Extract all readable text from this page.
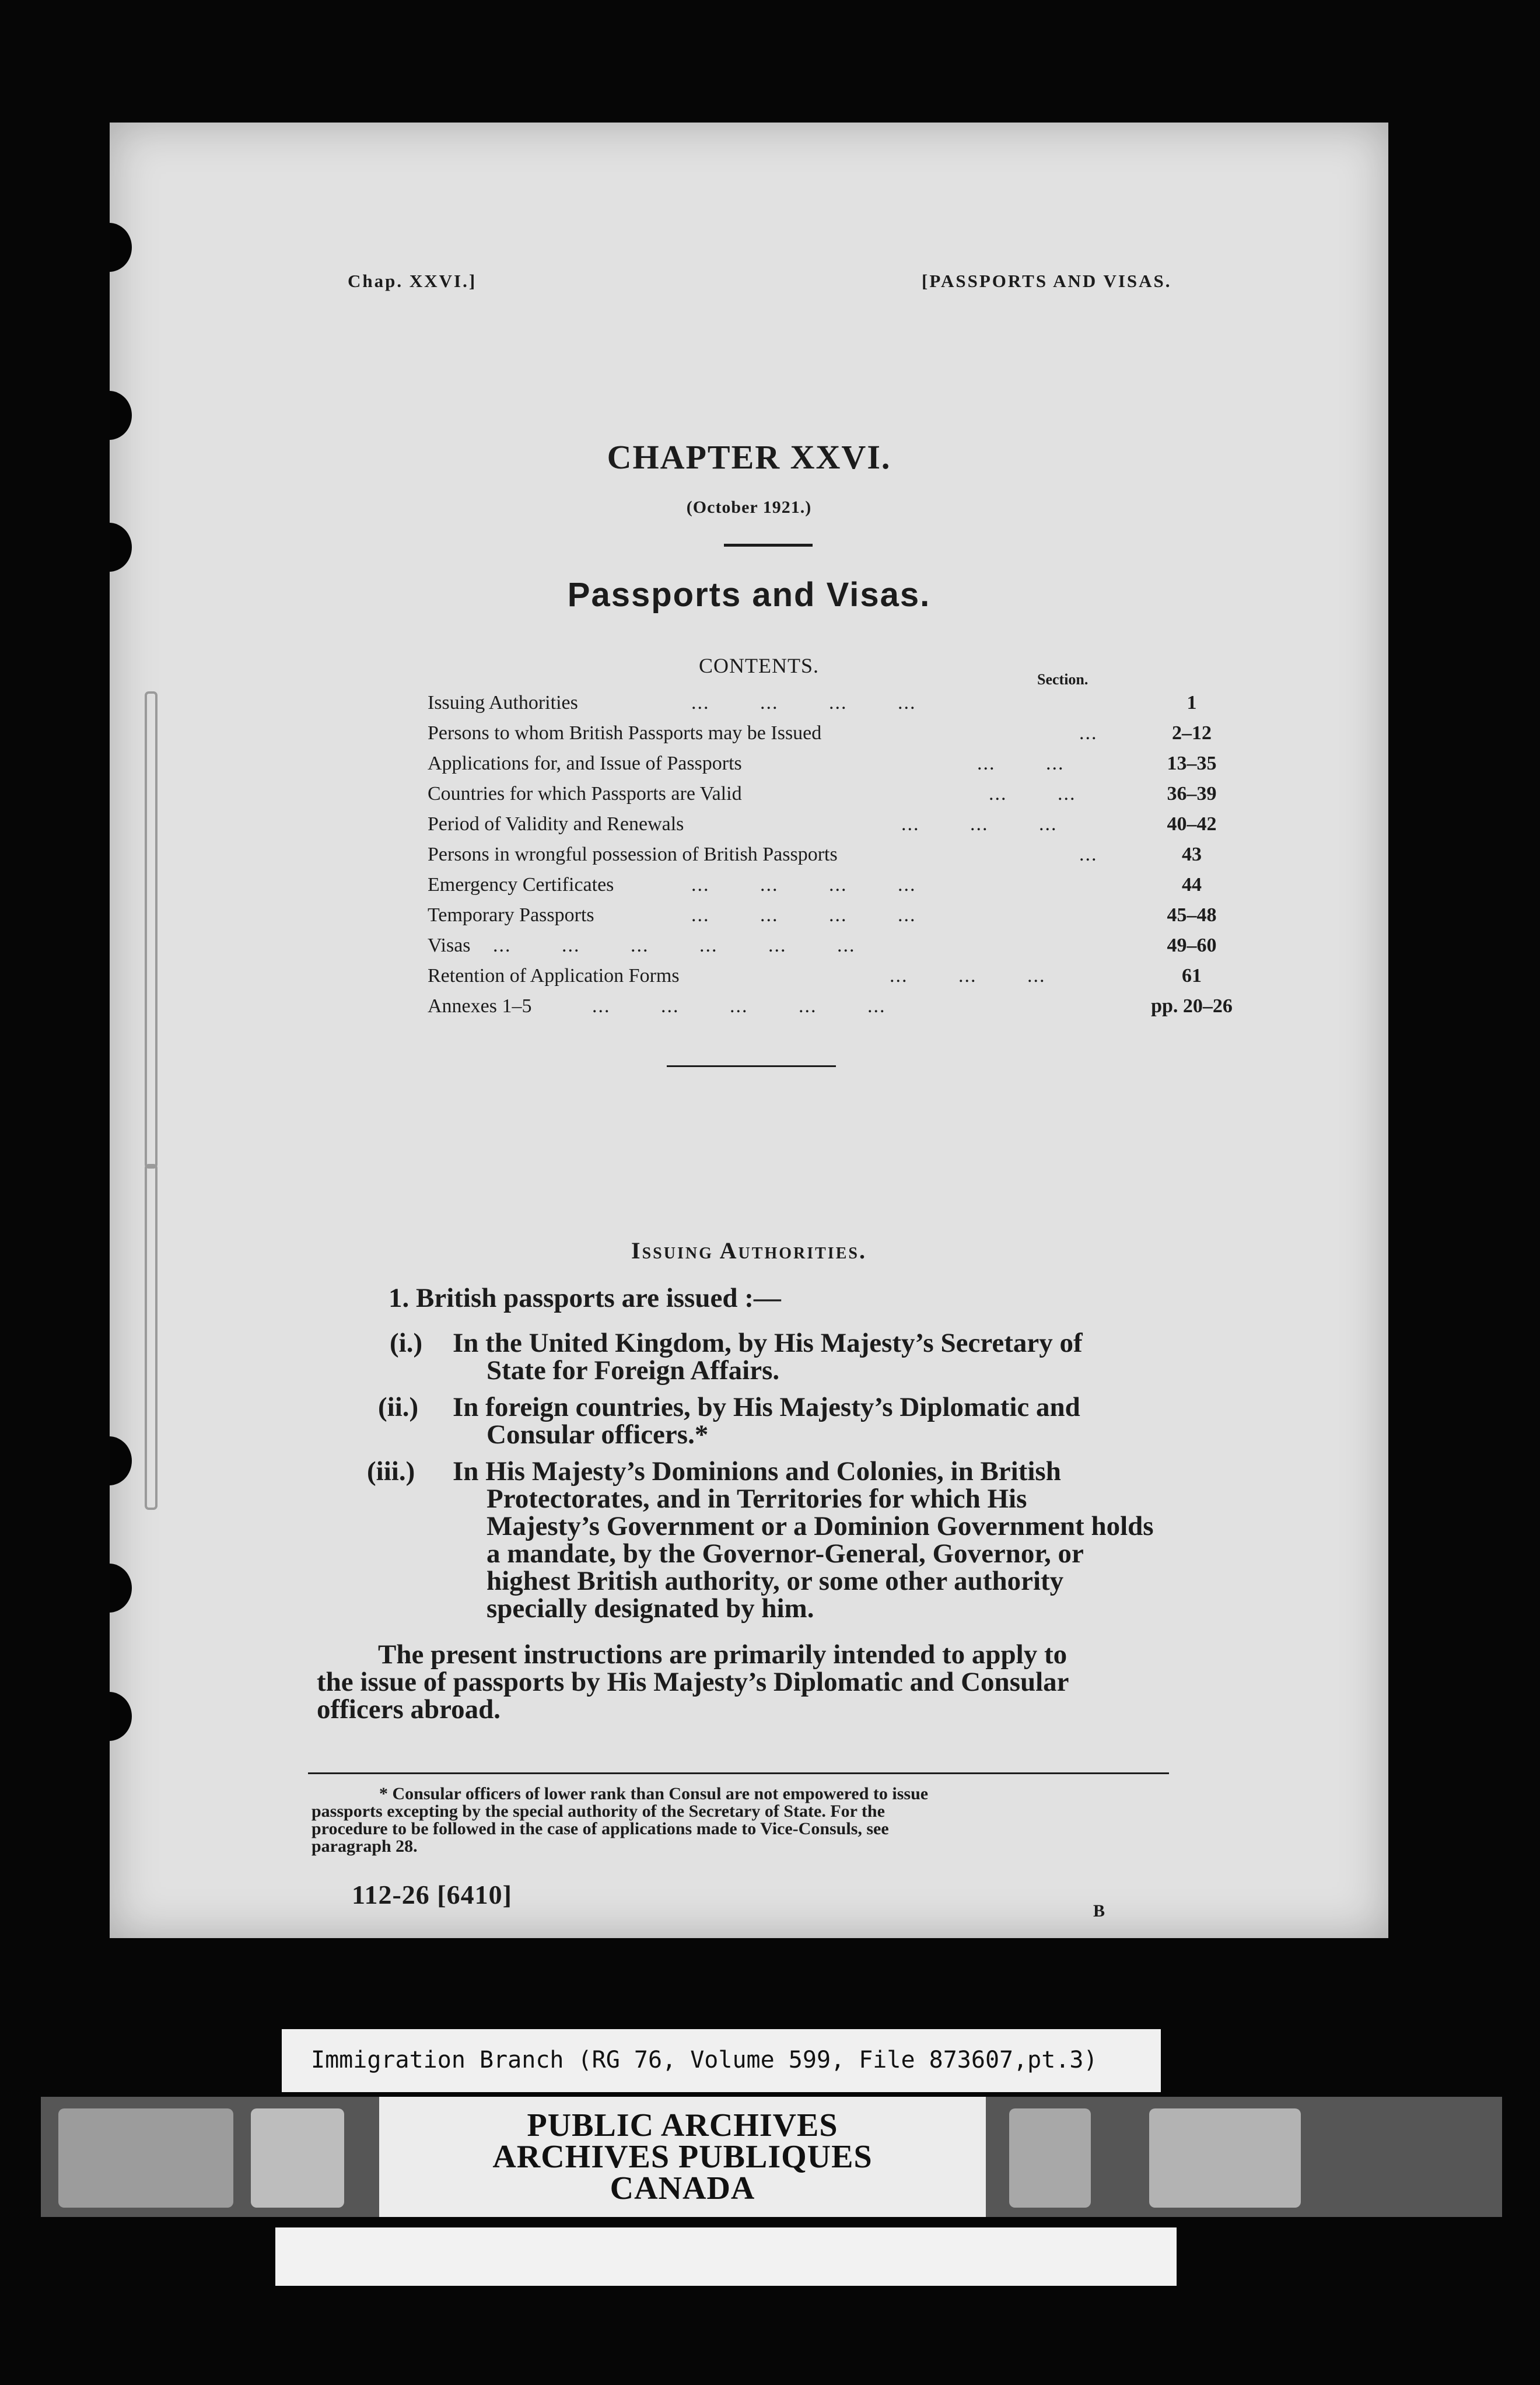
Chap. XXVI.]	[PASSPORTS AND VISAS.
CHAPTER XXVI.
(October 1921.)
Passports and Visas.
CONTENTS.
Section.
Issuing Authorities	... ... ... ...	1
Persons to whom British Passports may be Issued	...	2–12
Applications for, and Issue of Passports	... ...	13–35
Countries for which Passports are Valid	... ...	36–39
Period of Validity and Renewals	... ... ...	40–42
Persons in wrongful possession of British Passports	...	43
Emergency Certificates	... ... ... ...	44
Temporary Passports	... ... ... ...	45–48
Visas ... ... ... ... ... ...	49–60
Retention of Application Forms	... ... ...	61
Annexes 1–5	... ... ... ... ...	pp. 20–26
Issuing Authorities.
1. British passports are issued :—
(i.) In the United Kingdom, by His Majesty’s Secretary of
State for Foreign Affairs.
(ii.) In foreign countries, by His Majesty’s Diplomatic and
Consular officers.*
(iii.) In His Majesty’s Dominions and Colonies, in British
Protectorates, and in Territories for which His
Majesty’s Government or a Dominion Government holds
a mandate, by the Governor-General, Governor, or
highest British authority, or some other authority
specially designated by him.
The present instructions are primarily intended to apply to
the issue of passports by His Majesty’s Diplomatic and Consular
officers abroad.
* Consular officers of lower rank than Consul are not empowered to issue
passports excepting by the special authority of the Secretary of State. For the
procedure to be followed in the case of applications made to Vice-Consuls, see
paragraph 28.
112-26 [6410]
B
Immigration Branch (RG 76, Volume 599, File 873607,pt.3)
PUBLIC ARCHIVES
ARCHIVES PUBLIQUES
CANADA
